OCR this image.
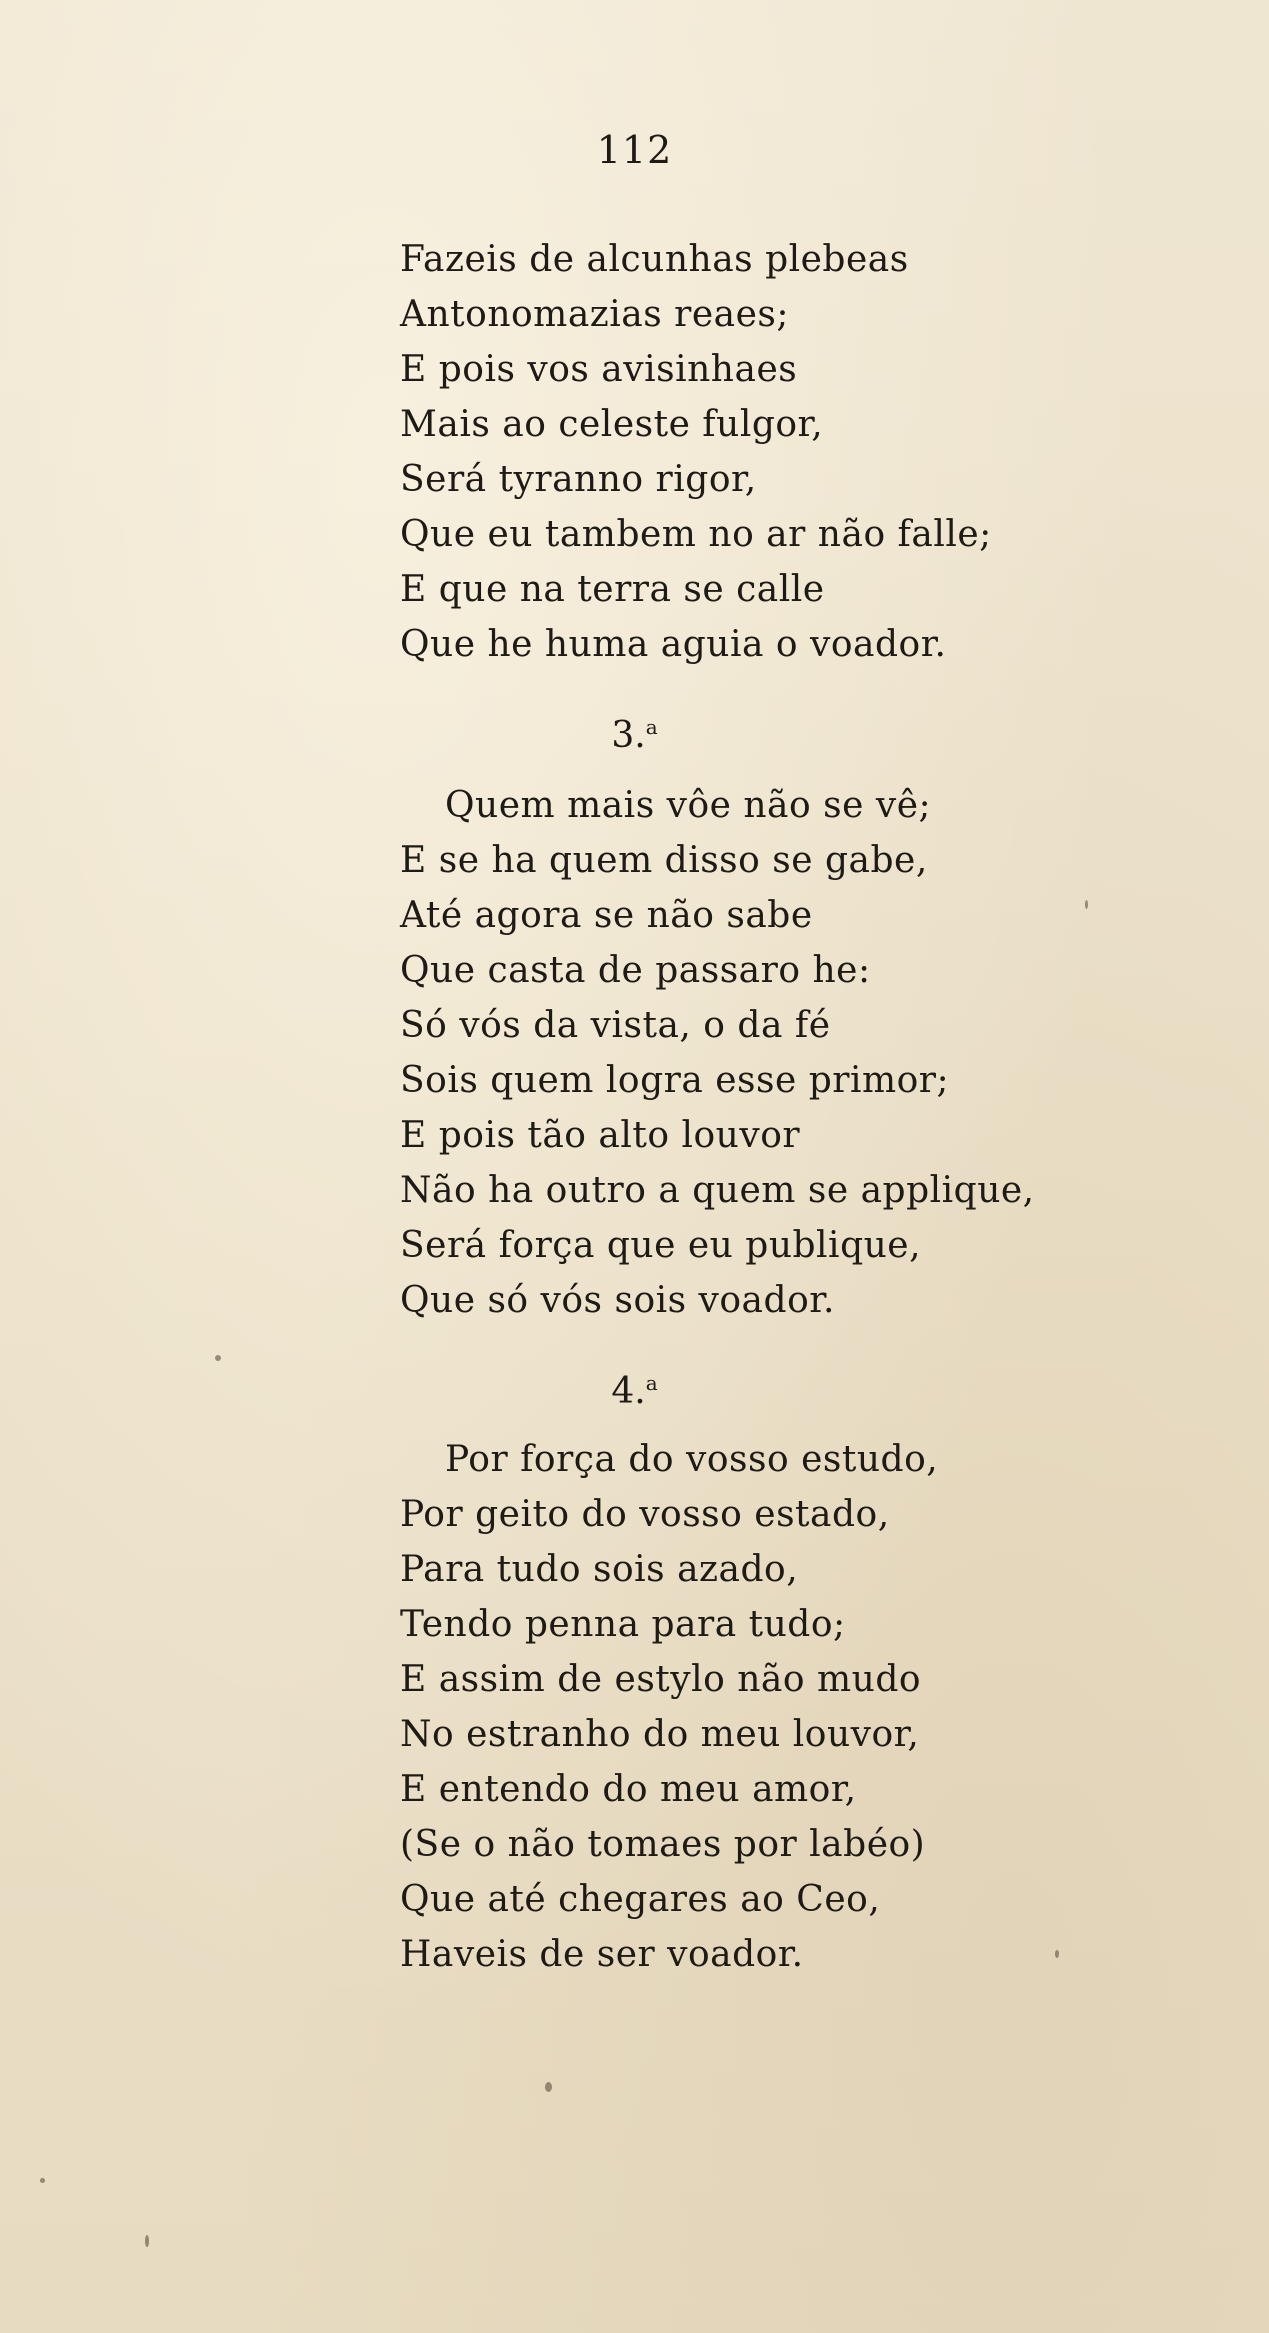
112
Fazeis de alcunhas plebeas
Antonomazias reaes;
E pois vos avisinhaes
Mais ao celeste fulgor,
Será tyranno rigor,
Que eu tambem no ar não falle;
E que na terra se calle
Que he huma aguia o voador.
3.$^a$
Quem mais vôe não se vê;
E se ha quem disso se gabe,
Até agora se não sabe
Que casta de passaro he:
Só vós da vista, o da fé
Sois quem logra esse primor;
E pois tão alto louvor
Não ha outro a quem se applique,
Será força que eu publique,
Que só vós sois voador.
4.$^a$
Por força do vosso estudo,
Por geito do vosso estado,
Para tudo sois azado,
Tendo penna para tudo;
E assim de estylo não mudo
No estranho do meu louvor,
E entendo do meu amor,
(Se o não tomaes por labéo)
Que até chegares ao Ceo,
Haveis de ser voador.
